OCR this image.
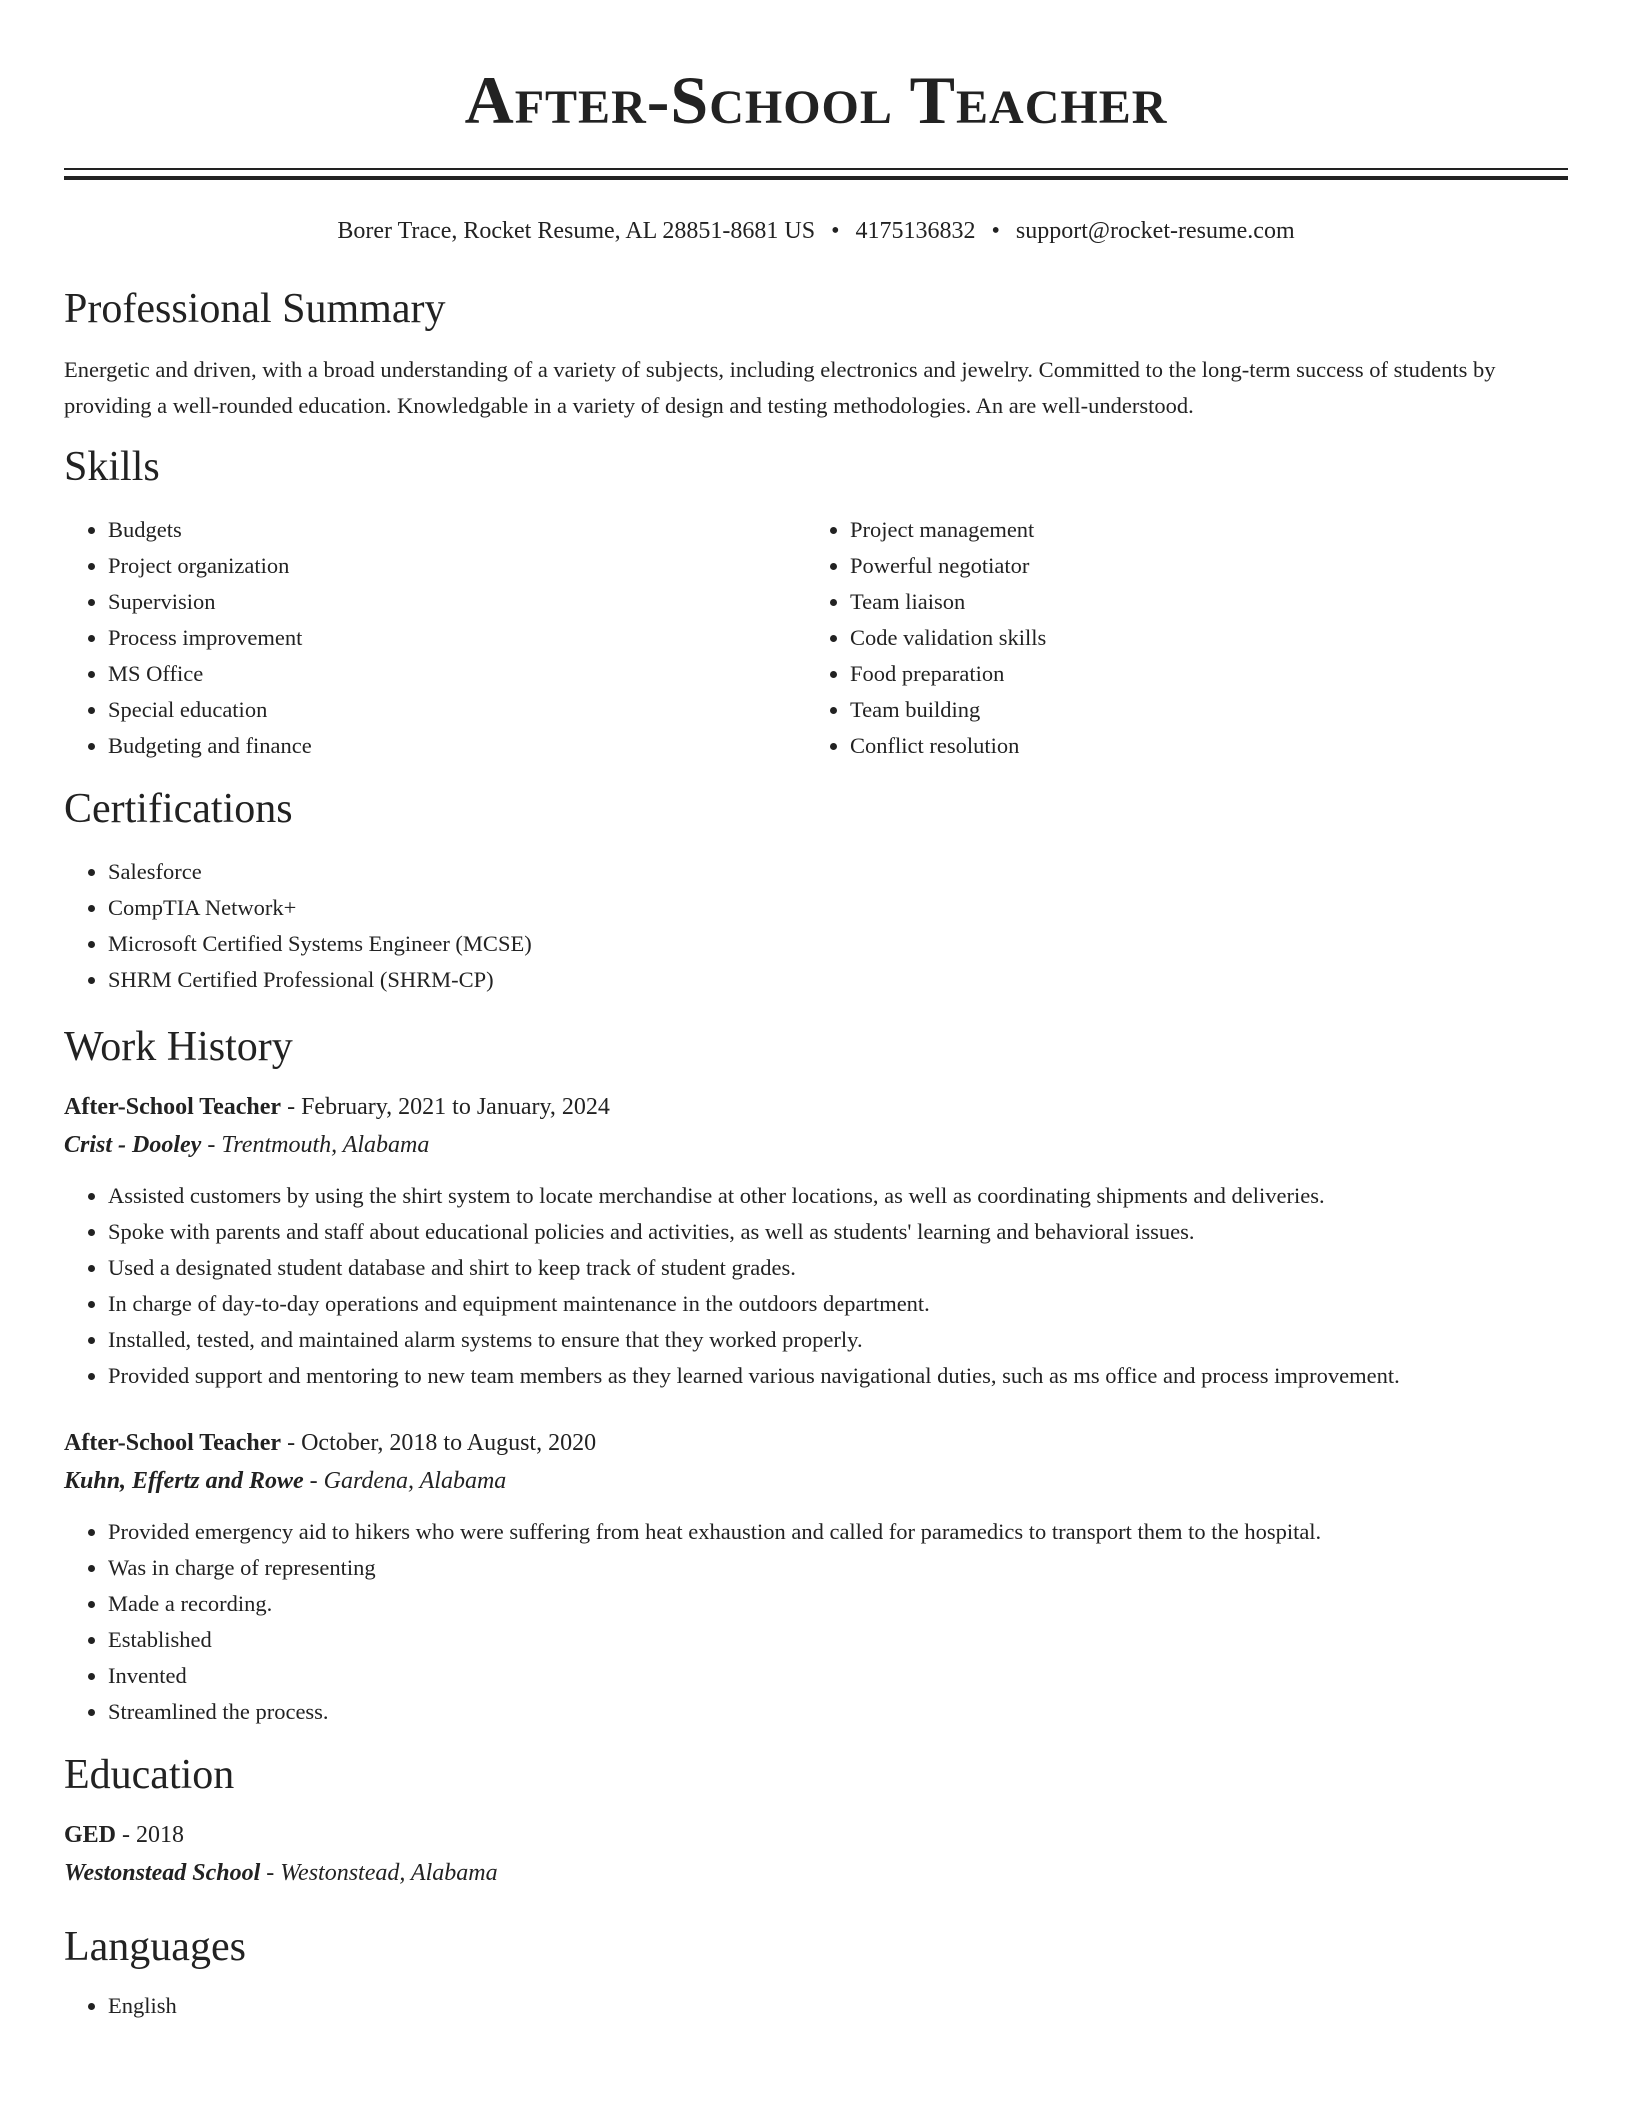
After-School Teacher
Borer Trace, Rocket Resume, AL 28851-8681 US • 4175136832 • support@rocket-resume.com
Professional Summary

Energetic and driven, with a broad understanding of a variety of subjects, including electronics and jewelry. Committed to the long-term success of students by providing a well-rounded education. Knowledgable in a variety of design and testing methodologies. An are well-understood.

Skills
• Budgets
• Project organization
• Supervision
• Process improvement
• MS Office
• Special education
• Budgeting and finance
• Project management
• Powerful negotiator
• Team liaison
• Code validation skills
• Food preparation
• Team building
• Conflict resolution
Certifications
• Salesforce
• CompTIA Network+
• Microsoft Certified Systems Engineer (MCSE)
• SHRM Certified Professional (SHRM-CP)
Work History
After-School Teacher - February, 2021 to January, 2024
Crist - Dooley - Trentmouth, Alabama
• Assisted customers by using the shirt system to locate merchandise at other locations, as well as coordinating shipments and deliveries.
• Spoke with parents and staff about educational policies and activities, as well as students' learning and behavioral issues.
• Used a designated student database and shirt to keep track of student grades.
• In charge of day-to-day operations and equipment maintenance in the outdoors department.
• Installed, tested, and maintained alarm systems to ensure that they worked properly.
• Provided support and mentoring to new team members as they learned various navigational duties, such as ms office and process improvement.
After-School Teacher - October, 2018 to August, 2020
Kuhn, Effertz and Rowe - Gardena, Alabama
• Provided emergency aid to hikers who were suffering from heat exhaustion and called for paramedics to transport them to the hospital.
• Was in charge of representing
• Made a recording.
• Established
• Invented
• Streamlined the process.
Education
GED - 2018
Westonstead School - Westonstead, Alabama
Languages
• English
